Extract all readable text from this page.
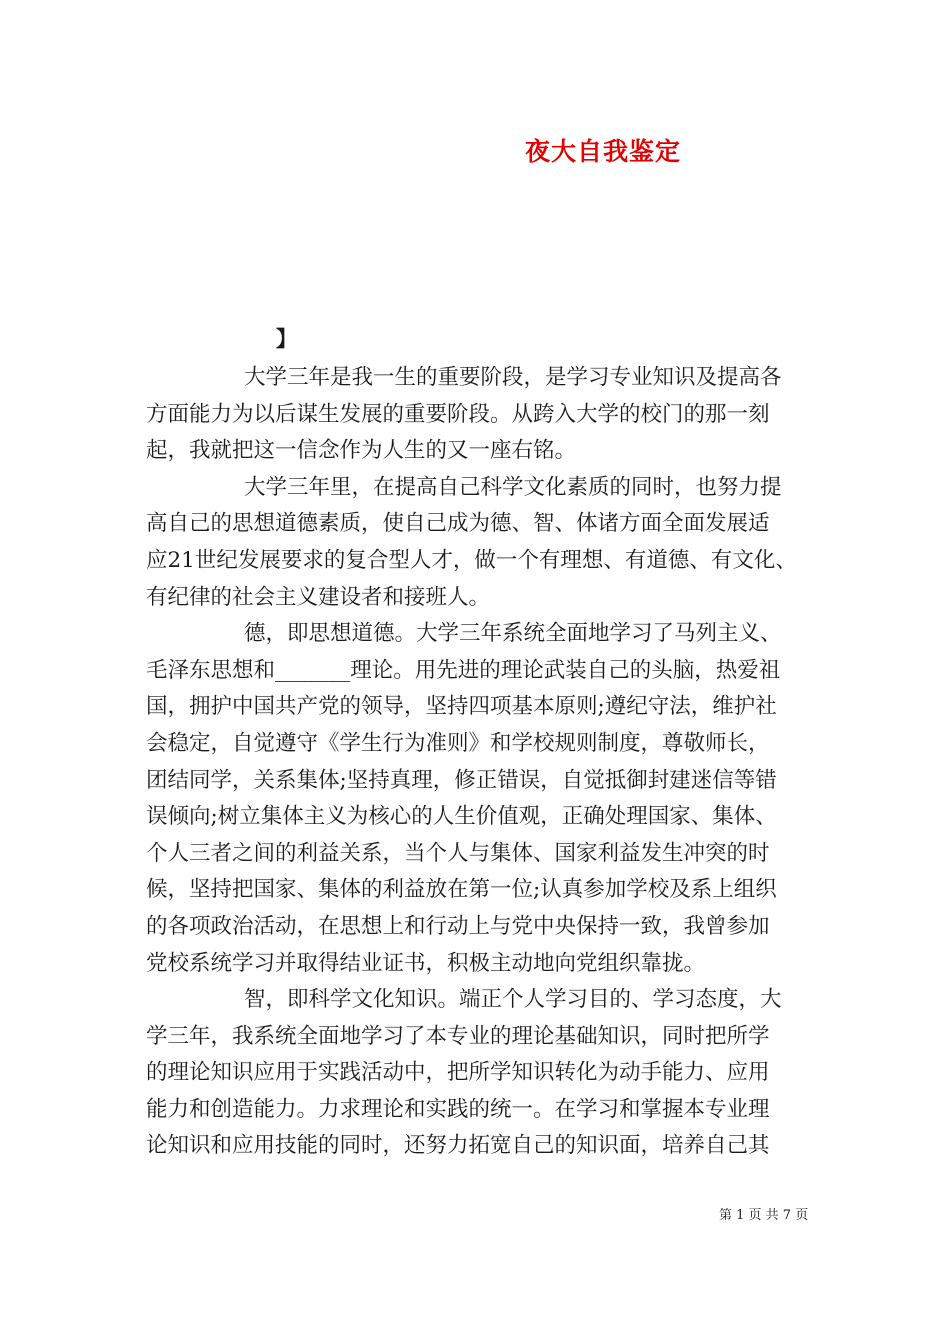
夜大自我鉴定
】
大学三年是我一生的重要阶段，是学习专业知识及提高各
方面能力为以后谋生发展的重要阶段。从跨入大学的校门的那一刻
起，我就把这一信念作为人生的又一座右铭。
大学三年里，在提高自己科学文化素质的同时，也努力提
高自己的思想道德素质，使自己成为德、智、体诸方面全面发展适
应21世纪发展要求的复合型人才，做一个有理想、有道德、有文化、
有纪律的社会主义建设者和接班人。
德，即思想道德。大学三年系统全面地学习了马列主义、
毛泽东思想和_______理论。用先进的理论武装自己的头脑，热爱祖
国，拥护中国共产党的领导，坚持四项基本原则;遵纪守法，维护社
会稳定，自觉遵守《学生行为准则》和学校规则制度，尊敬师长，
团结同学，关系集体;坚持真理，修正错误，自觉抵御封建迷信等错
误倾向;树立集体主义为核心的人生价值观，正确处理国家、集体、
个人三者之间的利益关系，当个人与集体、国家利益发生冲突的时
候，坚持把国家、集体的利益放在第一位;认真参加学校及系上组织
的各项政治活动，在思想上和行动上与党中央保持一致，我曾参加
党校系统学习并取得结业证书，积极主动地向党组织靠拢。
智，即科学文化知识。端正个人学习目的、学习态度，大
学三年，我系统全面地学习了本专业的理论基础知识，同时把所学
的理论知识应用于实践活动中，把所学知识转化为动手能力、应用
能力和创造能力。力求理论和实践的统一。在学习和掌握本专业理
论知识和应用技能的同时，还努力拓宽自己的知识面，培养自己其
第 1 页 共 7 页
